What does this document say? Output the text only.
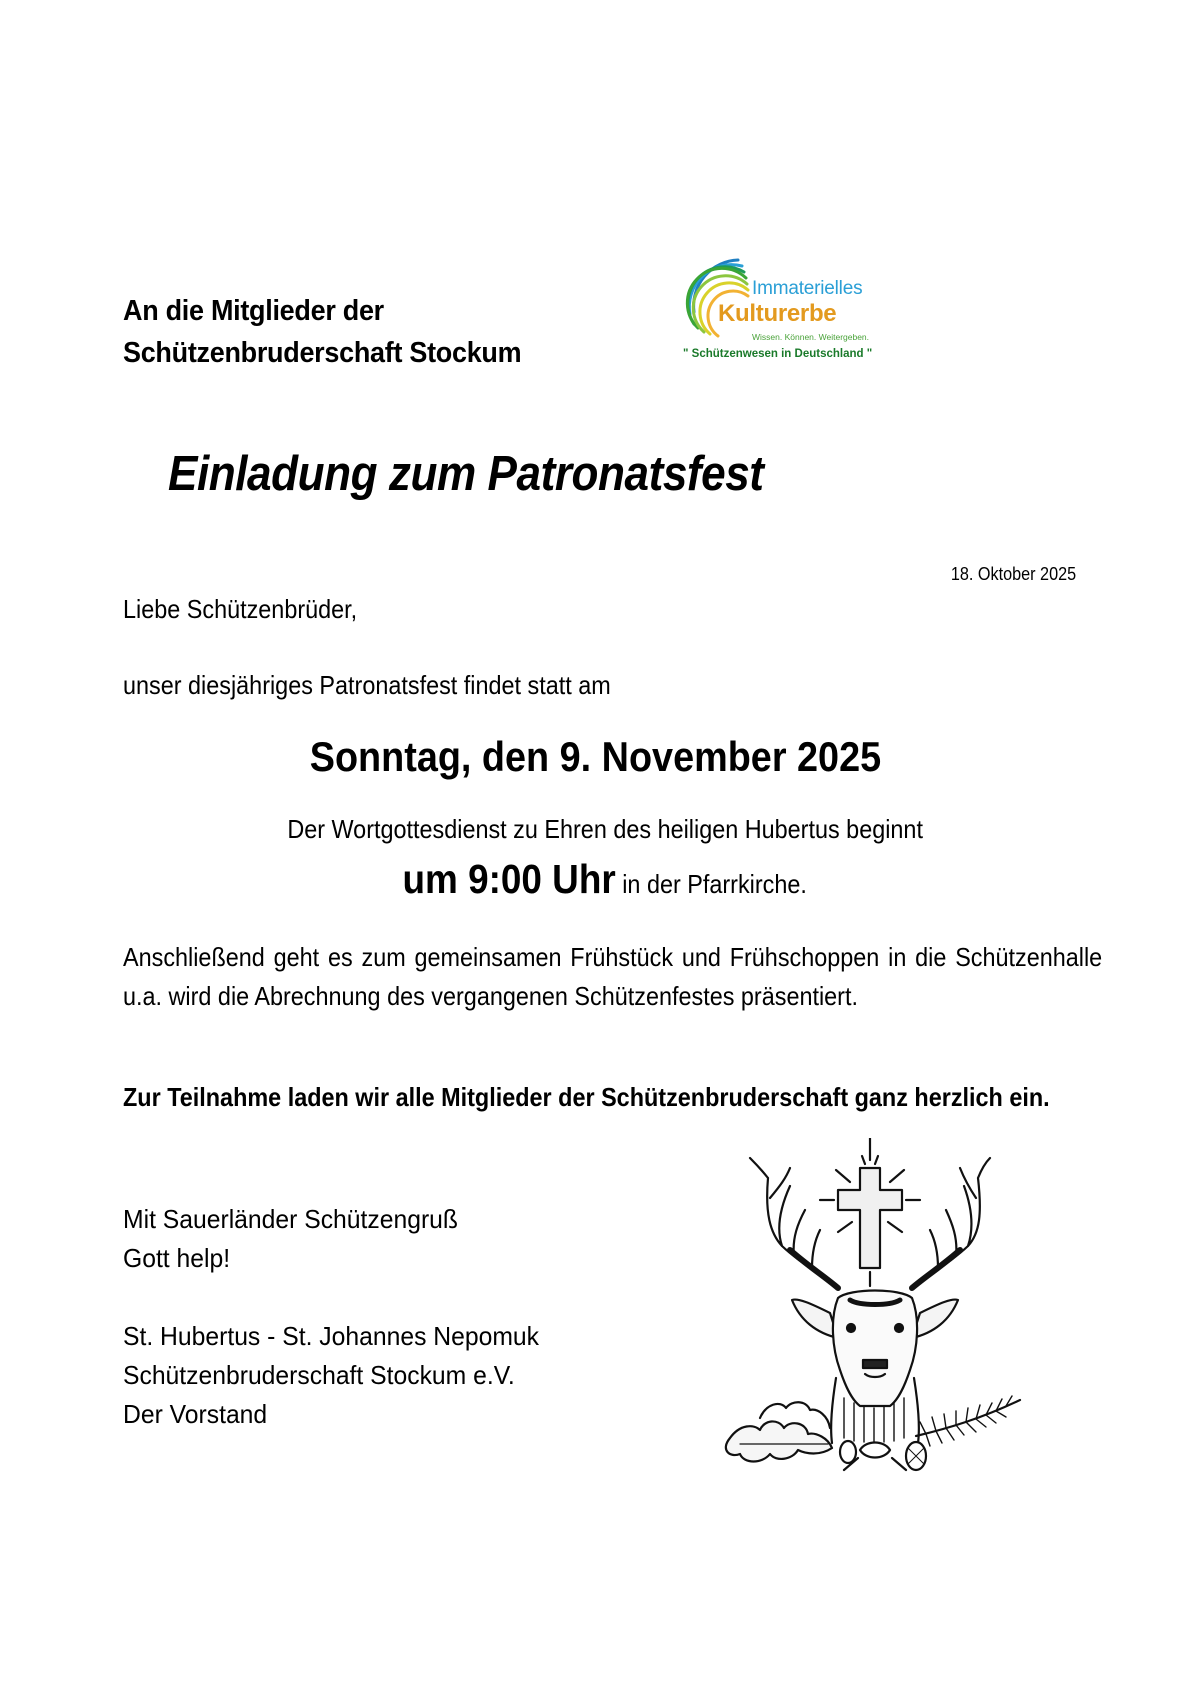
An die Mitglieder der
Schützenbruderschaft Stockum
Immaterielles
Kulturerbe
Wissen. Können. Weitergeben.
" Schützenwesen in Deutschland "
Einladung zum Patronatsfest
18. Oktober 2025
Liebe Schützenbrüder,
unser diesjähriges Patronatsfest findet statt am
Sonntag, den 9. November 2025
Der Wortgottesdienst zu Ehren des heiligen Hubertus beginnt
um 9:00 Uhr in der Pfarrkirche.
Anschließend geht es zum gemeinsamen Frühstück und Frühschoppen in die Schützenhalle u.a. wird die Abrechnung des vergangenen Schützenfestes präsentiert.
Zur Teilnahme laden wir alle Mitglieder der Schützenbruderschaft ganz herzlich ein.
Mit Sauerländer Schützengruß
Gott help!
St. Hubertus - St. Johannes Nepomuk
Schützenbruderschaft Stockum e.V.
Der Vorstand
